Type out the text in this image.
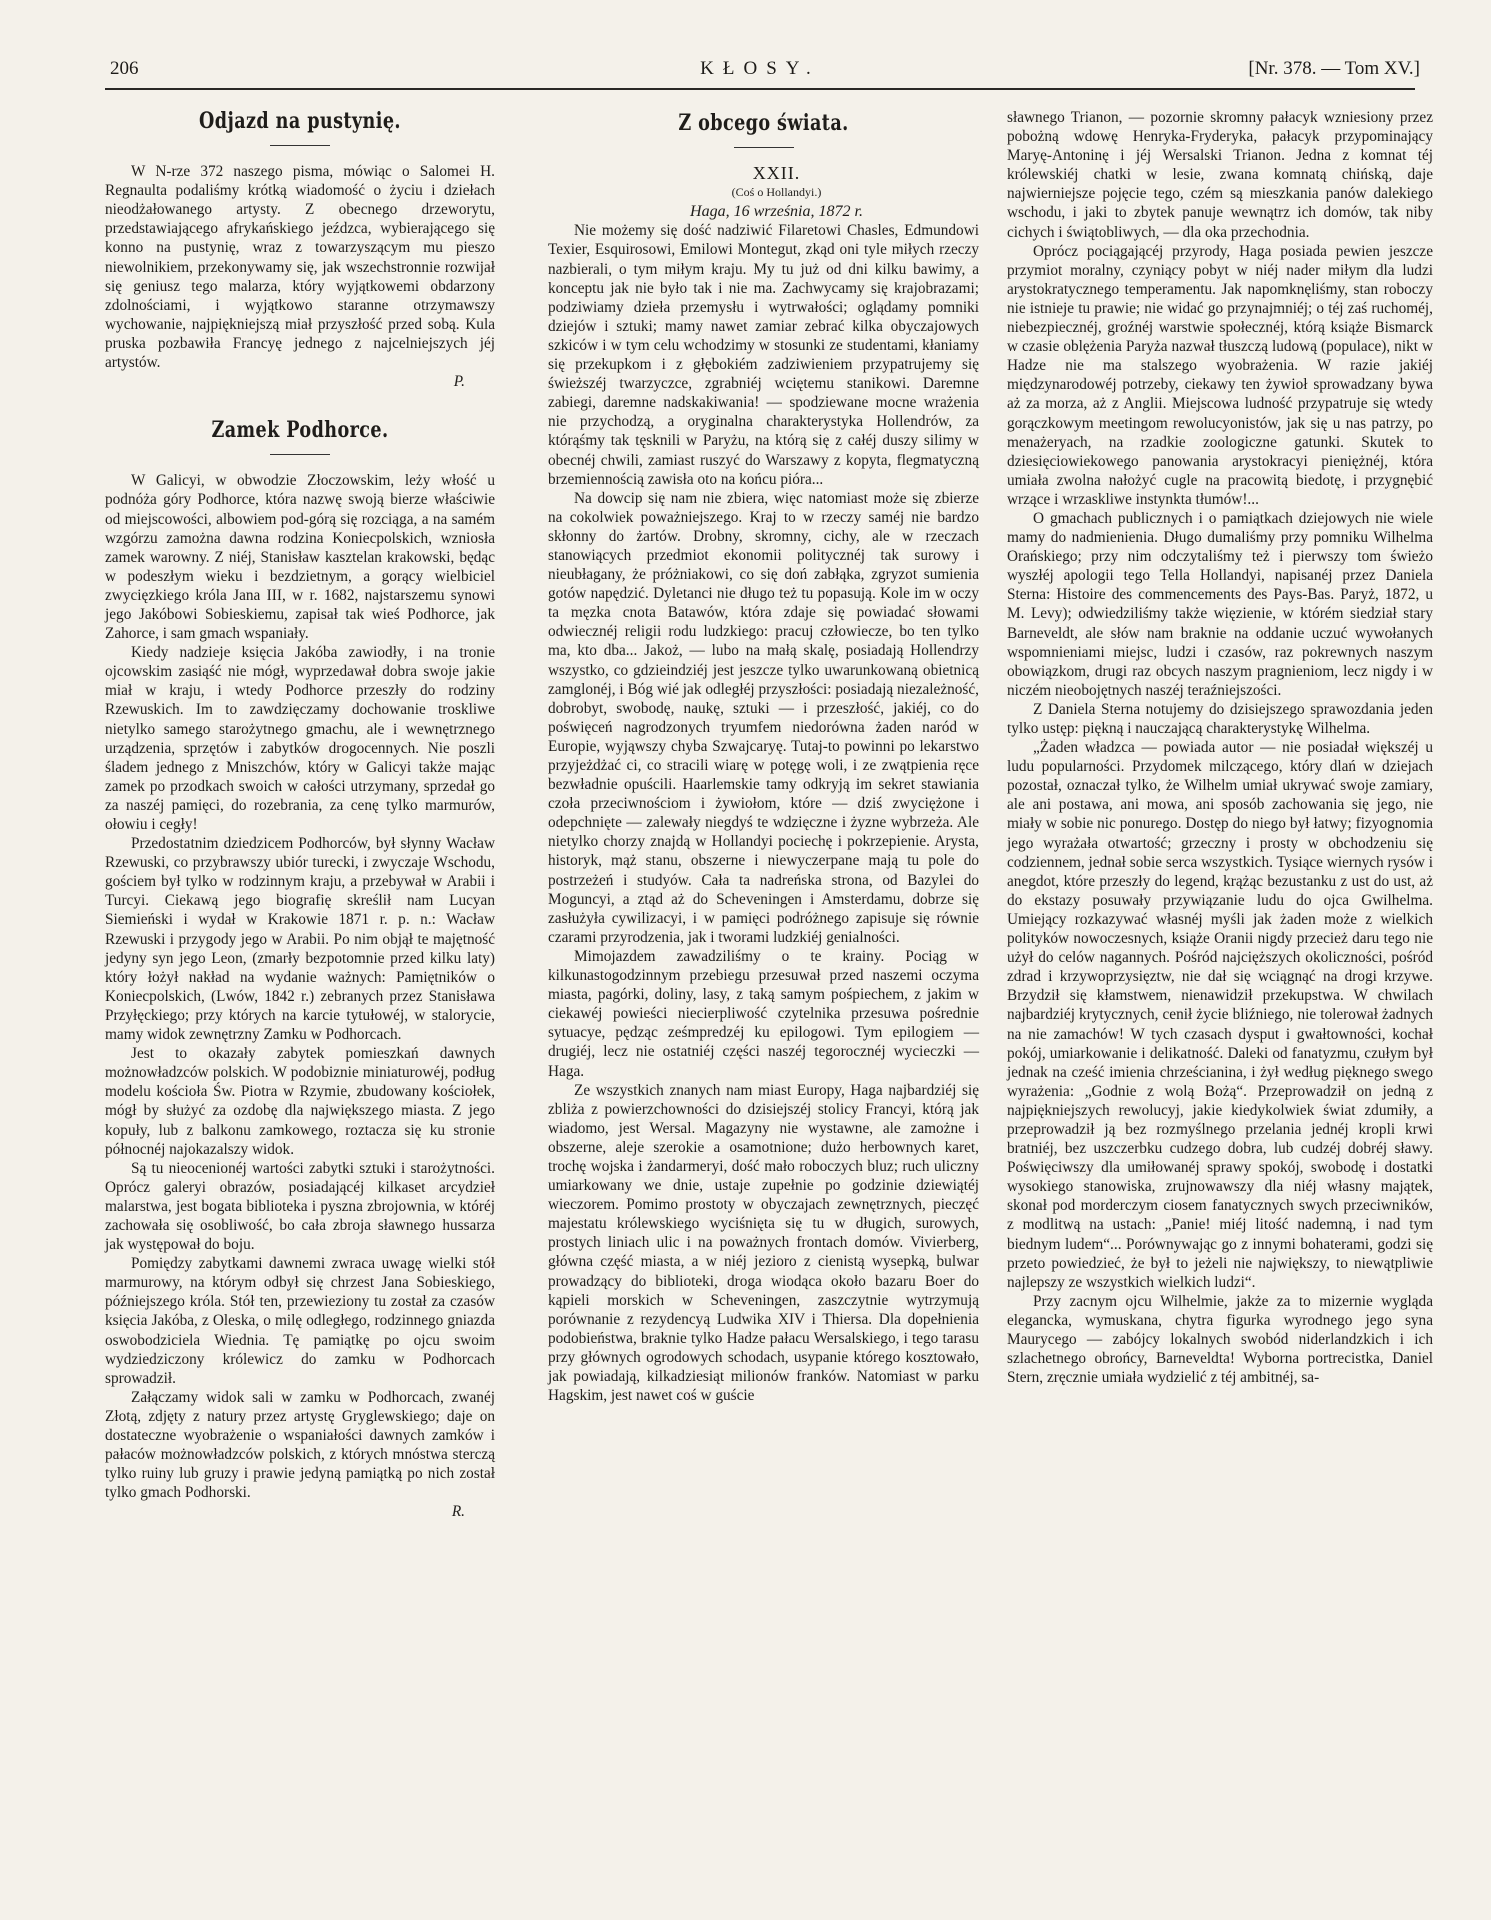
206	KŁOSY.	[Nr. 378. — Tom XV.]
Odjazd na pustynię.

W N-rze 372 naszego pisma, mówiąc o Salomei H. Regnaulta podaliśmy krótką wiadomość o życiu i dziełach nieodżałowanego artysty. Z obecnego drzeworytu, przedstawiającego afrykańskiego jeźdzca, wybierającego się konno na pustynię, wraz z towarzyszącym mu pieszo niewolnikiem, przekonywamy się, jak wszechstronnie rozwijał się geniusz tego malarza, który wyjątkowemi obdarzony zdolnościami, i wyjątkowo staranne otrzymawszy wychowanie, najpiękniejszą miał przyszłość przed sobą. Kula pruska pozbawiła Francyę jednego z najcelniejszych jéj artystów.

P.

Zamek Podhorce.

W Galicyi, w obwodzie Złoczowskim, leży włość u podnóża góry Podhorce, która nazwę swoją bierze właściwie od miejscowości, albowiem pod-górą się rozciąga, a na samém wzgórzu zamożna dawna rodzina Koniecpolskich, wzniosła zamek warowny. Z niéj, Stanisław kasztelan krakowski, będąc w podeszłym wieku i bezdzietnym, a gorący wielbiciel zwycięzkiego króla Jana III, w r. 1682, najstarszemu synowi jego Jakóbowi Sobieskiemu, zapisał tak wieś Podhorce, jak Zahorce, i sam gmach wspaniały.

Kiedy nadzieje księcia Jakóba zawiodły, i na tronie ojcowskim zasiąść nie mógł, wyprzedawał dobra swoje jakie miał w kraju, i wtedy Podhorce przeszły do rodziny Rzewuskich. Im to zawdzięczamy dochowanie troskliwe nietylko samego starożytnego gmachu, ale i wewnętrznego urządzenia, sprzętów i zabytków drogocennych. Nie poszli śladem jednego z Mniszchów, który w Galicyi także mając zamek po przodkach swoich w całości utrzymany, sprzedał go za naszéj pamięci, do rozebrania, za cenę tylko marmurów, ołowiu i cegły!

Przedostatnim dziedzicem Podhorców, był słynny Wacław Rzewuski, co przybrawszy ubiór turecki, i zwyczaje Wschodu, gościem był tylko w rodzinnym kraju, a przebywał w Arabii i Turcyi. Ciekawą jego biografię skreślił nam Lucyan Siemieński i wydał w Krakowie 1871 r. p. n.: Wacław Rzewuski i przygody jego w Arabii. Po nim objął te majętność jedyny syn jego Leon, (zmarły bezpotomnie przed kilku laty) który łożył nakład na wydanie ważnych: Pamiętników o Koniecpolskich, (Lwów, 1842 r.) zebranych przez Stanisława Przyłęckiego; przy których na karcie tytułowéj, w staloryciе, mamy widok zewnętrzny Zamku w Podhorcach.

Jest to okazały zabytek pomieszkań dawnych możnowładzców polskich. W podobiznie miniaturowéj, podług modelu kościoła Św. Piotra w Rzymie, zbudowany kościołek, mógł by służyć za ozdobę dla największego miasta. Z jego kopuły, lub z balkonu zamkowego, roztacza się ku stronie północnéj najokazalszy widok.

Są tu nieocenionéj wartości zabytki sztuki i starożytności. Oprócz galeryi obrazów, posiadającéj kilkaset arcydzieł malarstwa, jest bogata biblioteka i pyszna zbrojownia, w któréj zachowała się osobliwość, bo cała zbroja sławnego hussarza jak występował do boju.

Pomiędzy zabytkami dawnemi zwraca uwagę wielki stół marmurowy, na którym odbył się chrzest Jana Sobieskiego, późniejszego króla. Stół ten, przewieziony tu został za czasów księcia Jakóba, z Oleska, o milę odległego, rodzinnego gniazda oswobodziciela Wiednia. Tę pamiątkę po ojcu swoim wydziedziczony królewicz do zamku w Podhorcach sprowadził.

Załączamy widok sali w zamku w Podhorcach, zwanéj Złotą, zdjęty z natury przez artystę Gryglewskiego; daje on dostateczne wyobrażenie o wspaniałości dawnych zamków i pałaców możnowładzców polskich, z których mnóstwa sterczą tylko ruiny lub gruzy i prawie jedyną pamiątką po nich został tylko gmach Podhorski.

R.

Z obcego świata.

XXII.

(Coś o Hollandyi.)

Haga, 16 września, 1872 r.

Nie możemy się dość nadziwić Filaretowi Chasles, Edmundowi Texier, Esquirosowi, Emilowi Montegut, zkąd oni tyle miłych rzeczy nazbierali, o tym miłym kraju. My tu już od dni kilku bawimy, a konceptu jak nie było tak i nie ma. Zachwycamy się krajobrazami; podziwiamy dzieła przemysłu i wytrwałości; oglądamy pomniki dziejów i sztuki; mamy nawet zamiar zebrać kilka obyczajowych szkiców i w tym celu wchodzimy w stosunki ze studentami, kłaniamy się przekupkom i z głębokiém zadziwieniem przypatrujemy się świeższéj twarzyczce, zgrabniéj wciętemu stanikowi. Daremne zabiegi, daremne nadskakiwania! — spodziewane mocne wrażenia nie przychodzą, a oryginalna charakterystyka Hollendrów, za którąśmy tak tęsknili w Paryżu, na którą się z całéj duszy silimy w obecnéj chwili, zamiast ruszyć do Warszawy z kopyta, flegmatyczną brzemiennością zawisła oto na końcu pióra...

Na dowcip się nam nie zbiera, więc natomiast może się zbierze na cokolwiek poważniejszego. Kraj to w rzeczy saméj nie bardzo skłonny do żartów. Drobny, skromny, cichy, ale w rzeczach stanowiących przedmiot ekonomii politycznéj tak surowy i nieubłagany, że próżniakowi, co się doń zabłąka, zgryzot sumienia gotów napędzić. Dyletanci nie długo też tu popasują. Kole im w oczy ta męzka cnota Batawów, która zdaje się powiadać słowami odwiecznéj religii rodu ludzkiego: pracuj człowiecze, bo ten tylko ma, kto dba... Jakoż, — lubo na małą skalę, posiadają Hollendrzy wszystko, co gdzieindziéj jest jeszcze tylko uwarunkowaną obietnicą zamglonéj, i Bóg wié jak odległéj przyszłości: posiadają niezależność, dobrobyt, swobodę, naukę, sztuki — i przeszłość, jakiéj, co do poświęceń nagrodzonych tryumfem niedorówna żaden naród w Europie, wyjąwszy chyba Szwajcaryę. Tutaj-to powinni po lekarstwo przyjeżdżać ci, co stracili wiarę w potęgę woli, i ze zwątpienia ręce bezwładnie opuścili. Haarlemskie tamy odkryją im sekret stawiania czoła przeciwnościom i żywiołom, które — dziś zwyciężone i odepchnięte — zalewały niegdyś te wdzięczne i żyzne wybrzeża. Ale nietylko chorzy znajdą w Hollandyi pociechę i pokrzepienie. Arysta, historyk, mąż stanu, obszerne i niewyczerpane mają tu pole do postrzeżeń i studyów. Cała ta nadreńska strona, od Bazylei do Moguncyi, a ztąd aż do Scheveningen i Amsterdamu, dobrze się zasłużyła cywilizacyi, i w pamięci podróżnego zapisuje się równie czarami przyrodzenia, jak i tworami ludzkiéj genialności.

Mimojazdem zawadziliśmy o te krainy. Pociąg w kilkunastogodzinnym przebiegu przesuwał przed naszemi oczyma miasta, pagórki, doliny, lasy, z taką samym pośpiechem, z jakim w ciekawéj powieści niecierpliwość czytelnika przesuwa pośrednie sytuacye, pędząc ześmpredzéj ku epilogowi. Tym epilogiem — drugiéj, lecz nie ostatniéj części naszéj tegorocznéj wycieczki — Haga.

Ze wszystkich znanych nam miast Europy, Haga najbardziéj się zbliża z powierzchowności do dzisiejszéj stolicy Francyi, którą jak wiadomo, jest Wersal. Magazyny nie wystawne, ale zamożne i obszerne, aleje szerokie a osamotnione; dużo herbownych karet, trochę wojska i żandarmeryi, dość mało roboczych bluz; ruch uliczny umiarkowany we dnie, ustaje zupełnie po godzinie dziewiątéj wieczorem. Pomimo prostoty w obyczajach zewnętrznych, pieczęć majestatu królewskiego wyciśnięta się tu w długich, surowych, prostych liniach ulic i na poważnych frontach domów. Vivierberg, główna część miasta, a w niéj jezioro z cienistą wysepką, bulwar prowadzący do biblioteki, droga wiodąca około bazaru Boer do kąpieli morskich w Scheveningen, zaszczytnie wytrzymują porównanie z rezydencyą Ludwika XIV i Thiersa. Dla dopełnienia podobieństwa, braknie tylko Hadze pałacu Wersalskiego, i tego tarasu przy głównych ogrodowych schodach, usypanie którego kosztowało, jak powiadają, kilkadziesiąt milionów franków. Natomiast w parku Hagskim, jest nawet coś w guście

sławnego Trianon, — pozornie skromny pałacyk wzniesiony przez pobożną wdowę Henryka-Fryderyka, pałacyk przypominający Maryę-Antoninę i jéj Wersalski Trianon. Jedna z komnat téj królewskiéj chatki w lesie, zwana komnatą chińską, daje najwierniejsze pojęcie tego, czém są mieszkania panów dalekiego wschodu, i jaki to zbytek panuje wewnątrz ich domów, tak niby cichych i świątobliwych, — dla oka przechodnia.

Oprócz pociągającéj przyrody, Haga posiada pewien jeszcze przymiot moralny, czyniący pobyt w niéj nader miłym dla ludzi arystokratycznego temperamentu. Jak napomknęliśmy, stan roboczy nie istnieje tu prawie; nie widać go przynajmniéj; o téj zaś ruchoméj, niebezpiecznéj, groźnéj warstwie społecznéj, którą książe Bismarck w czasie oblężenia Paryża nazwał tłuszczą ludową (populace), nikt w Hadze nie ma stalszego wyobrażenia. W razie jakiéj międzynarodowéj potrzeby, ciekawy ten żywioł sprowadzany bywa aż za morza, aż z Anglii. Miejscowa ludność przypatruje się wtedy gorączkowym meetingom rewolucyonistów, jak się u nas patrzy, po menażeryach, na rzadkie zoologiczne gatunki. Skutek to dziesięciowiekowego panowania arystokracyi pieniężnéj, która umiała zwolna nałożyć cugle na pracowitą biedotę, i przygnębić wrzące i wrzaskliwe instynkta tłumów!...

O gmachach publicznych i o pamiątkach dziejowych nie wiele mamy do nadmienienia. Długo dumaliśmy przy pomniku Wilhelma Orańskiego; przy nim odczytaliśmy też i pierwszy tom świeżo wyszłéj apologii tego Tella Hollandyi, napisanéj przez Daniela Sterna: Histoire des commencements des Pays-Bas. Paryż, 1872, u M. Levy); odwiedziliśmy także więzienie, w którém siedział stary Barneveldt, ale słów nam braknie na oddanie uczuć wywołanych wspomnieniami miejsc, ludzi i czasów, raz pokrewnych naszym obowiązkom, drugi raz obcych naszym pragnieniom, lecz nigdy i w niczém nieobojętnych naszéj teraźniejszości.

Z Daniela Sterna notujemy do dzisiejszego sprawozdania jeden tylko ustęp: piękną i nauczającą charakterystykę Wilhelma.

„Żaden władzca — powiada autor — nie posiadał większéj u ludu popularności. Przydomek milczącego, który dlań w dziejach pozostał, oznaczał tylko, że Wilhelm umiał ukrywać swoje zamiary, ale ani postawa, ani mowa, ani sposób zachowania się jego, nie miały w sobie nic ponurego. Dostęp do niego był łatwy; fizyognomia jego wyrażała otwartość; grzeczny i prosty w obchodzeniu się codziennem, jednał sobie serca wszystkich. Tysiące wiernych rysów i anegdot, które przeszły do legend, krążąc bezustanku z ust do ust, aż do ekstazy posuwały przywiązanie ludu do ojca Gwilhelma. Umiejący rozkazywać własnéj myśli jak żaden może z wielkich polityków nowoczesnych, książe Oranii nigdy przecież daru tego nie użył do celów nagannych. Pośród najcięższych okoliczności, pośród zdrad i krzywoprzysięztw, nie dał się wciągnąć na drogi krzywe. Brzydził się kłamstwem, nienawidził przekupstwa. W chwilach najbardziéj krytycznych, cenił życie bliźniego, nie tolerował żadnych na nie zamachów! W tych czasach dysput i gwałtowności, kochał pokój, umiarkowanie i delikatność. Daleki od fanatyzmu, czułym był jednak na cześć imienia chrześcianina, i żył według pięknego swego wyrażenia: „Godnie z wolą Bożą“. Przeprowadził on jedną z najpiękniejszych rewolucyj, jakie kiedykolwiek świat zdumiły, a przeprowadził ją bez rozmyślnego przelania jednéj kropli krwi bratniéj, bez uszczerbku cudzego dobra, lub cudzéj dobréj sławy. Poświęciwszy dla umiłowanéj sprawy spokój, swobodę i dostatki wysokiego stanowiska, zrujnowawszy dla niéj własny majątek, skonał pod morderczym ciosem fanatycznych swych przeciwników, z modlitwą na ustach: „Panie! miéj litość nademną, i nad tym biednym ludem“... Porównywając go z innymi bohaterami, godzi się przeto powiedzieć, że był to jeżeli nie największy, to niewątpliwie najlepszy ze wszystkich wielkich ludzi“.

Przy zacnym ojcu Wilhelmie, jakże za to mizernie wygląda elegancka, wymuskana, chytra figurka wyrodnego jego syna Maurycego — zabójcy lokalnych swobód niderlandzkich i ich szlachetnego obrońcy, Barneveldta! Wyborna portrecistka, Daniel Stern, zręcznie umiała wydzielić z téj ambitnéj, sa-
